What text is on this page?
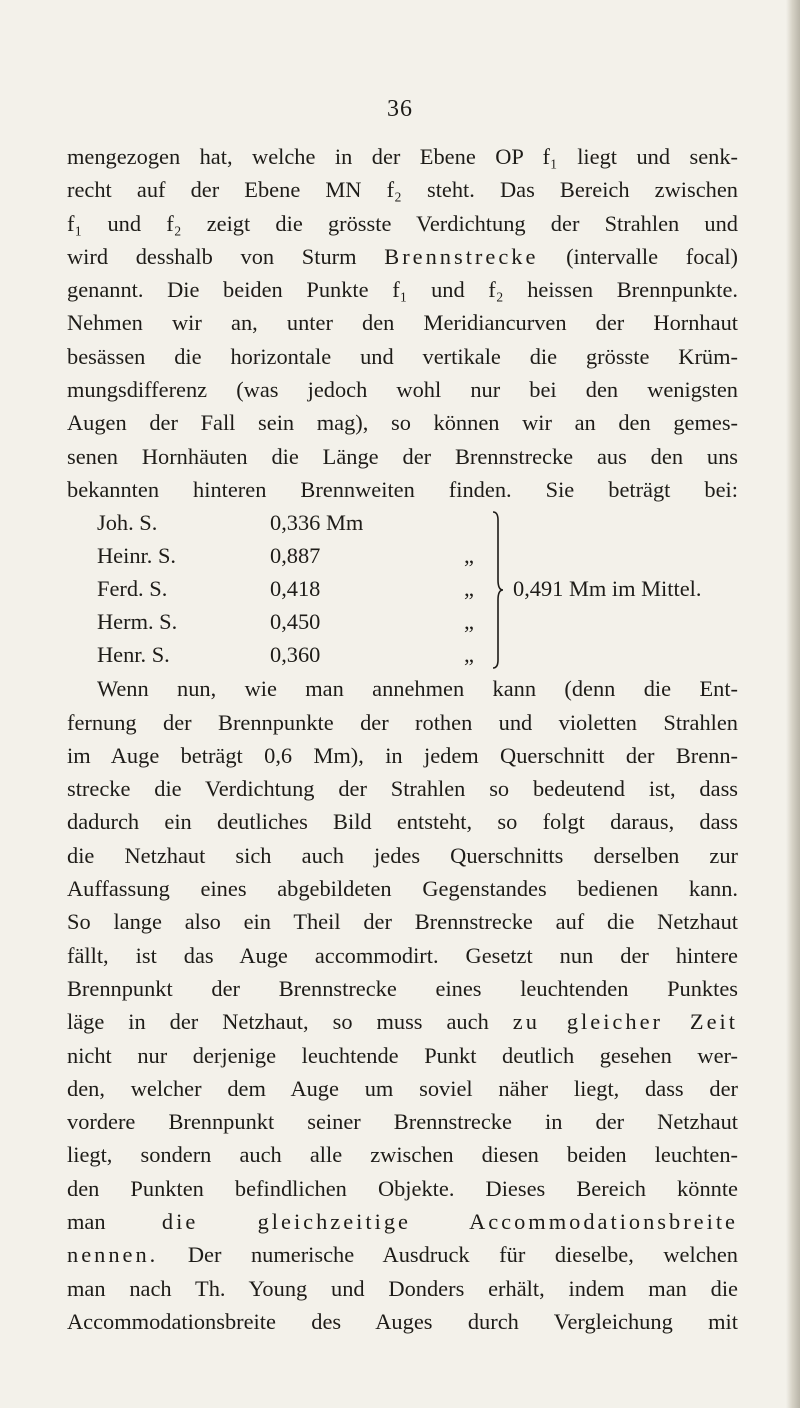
36
mengezogen hat, welche in der Ebene OP f₁ liegt und senk-
recht auf der Ebene MN f₂ steht. Das Bereich zwischen
f₁ und f₂ zeigt die grösste Verdichtung der Strahlen und
wird desshalb von Sturm Brennstrecke (intervalle focal)
genannt. Die beiden Punkte f₁ und f₂ heissen Brennpunkte.
Nehmen wir an, unter den Meridiancurven der Hornhaut
besässen die horizontale und vertikale die grösste Krüm-
mungsdifferenz (was jedoch wohl nur bei den wenigsten
Augen der Fall sein mag), so können wir an den gemes-
senen Hornhäuten die Länge der Brennstrecke aus den uns
bekannten hinteren Brennweiten finden. Sie beträgt bei:
Joh. S.	0,336 Mm
Heinr. S.	0,887	„
Ferd. S.	0,418	„
Herm. S.	0,450	„
Henr. S.	0,360	„
0,491 Mm im Mittel.
Wenn nun, wie man annehmen kann (denn die Ent-
fernung der Brennpunkte der rothen und violetten Strahlen
im Auge beträgt 0,6 Mm), in jedem Querschnitt der Brenn-
strecke die Verdichtung der Strahlen so bedeutend ist, dass
dadurch ein deutliches Bild entsteht, so folgt daraus, dass
die Netzhaut sich auch jedes Querschnitts derselben zur
Auffassung eines abgebildeten Gegenstandes bedienen kann.
So lange also ein Theil der Brennstrecke auf die Netzhaut
fällt, ist das Auge accommodirt. Gesetzt nun der hintere
Brennpunkt der Brennstrecke eines leuchtenden Punktes
läge in der Netzhaut, so muss auch zu gleicher Zeit
nicht nur derjenige leuchtende Punkt deutlich gesehen wer-
den, welcher dem Auge um soviel näher liegt, dass der
vordere Brennpunkt seiner Brennstrecke in der Netzhaut
liegt, sondern auch alle zwischen diesen beiden leuchten-
den Punkten befindlichen Objekte. Dieses Bereich könnte
man	die gleichzeitige Accommodationsbreite
nennen. Der numerische Ausdruck für dieselbe, welchen
man nach Th. Young und Donders erhält, indem man die
Accommodationsbreite des Auges durch Vergleichung mit
